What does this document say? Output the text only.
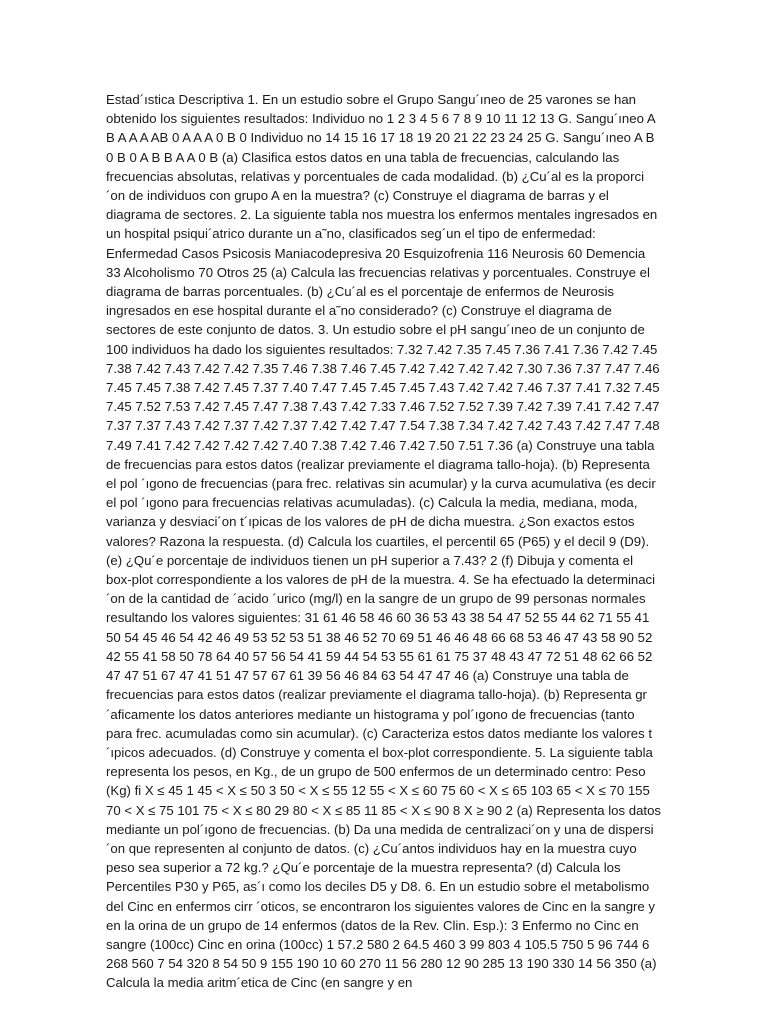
Estad´ıstica Descriptiva 1. En un estudio sobre el Grupo Sangu´ıneo de 25 varones se han obtenido los siguientes resultados: Individuo no 1 2 3 4 5 6 7 8 9 10 11 12 13 G. Sangu´ıneo A B A A A AB 0 A A A 0 B 0 Individuo no 14 15 16 17 18 19 20 21 22 23 24 25 G. Sangu´ıneo A B 0 B 0 A B B A A 0 B (a) Clasifica estos datos en una tabla de frecuencias, calculando las frecuencias absolutas, relativas y porcentuales de cada modalidad. (b) ¿Cu´al es la proporci´on de individuos con grupo A en la muestra? (c) Construye el diagrama de barras y el diagrama de sectores. 2. La siguiente tabla nos muestra los enfermos mentales ingresados en un hospital psiqui´atrico durante un a˜no, clasificados seg´un el tipo de enfermedad: Enfermedad Casos Psicosis Maniacodepresiva 20 Esquizofrenia 116 Neurosis 60 Demencia 33 Alcoholismo 70 Otros 25 (a) Calcula las frecuencias relativas y porcentuales. Construye el diagrama de barras porcentuales. (b) ¿Cu´al es el porcentaje de enfermos de Neurosis ingresados en ese hospital durante el a˜no considerado? (c) Construye el diagrama de sectores de este conjunto de datos. 3. Un estudio sobre el pH sangu´ıneo de un conjunto de 100 individuos ha dado los siguientes resultados: 7.32 7.42 7.35 7.45 7.36 7.41 7.36 7.42 7.45 7.38 7.42 7.43 7.42 7.42 7.35 7.46 7.38 7.46 7.45 7.42 7.42 7.42 7.42 7.30 7.36 7.37 7.47 7.46 7.45 7.45 7.38 7.42 7.45 7.37 7.40 7.47 7.45 7.45 7.45 7.43 7.42 7.42 7.46 7.37 7.41 7.32 7.45 7.45 7.52 7.53 7.42 7.45 7.47 7.38 7.43 7.42 7.33 7.46 7.52 7.52 7.39 7.42 7.39 7.41 7.42 7.47 7.37 7.37 7.43 7.42 7.37 7.42 7.37 7.42 7.42 7.47 7.54 7.38 7.34 7.42 7.42 7.43 7.42 7.47 7.48 7.49 7.41 7.42 7.42 7.42 7.42 7.40 7.38 7.42 7.46 7.42 7.50 7.51 7.36 (a) Construye una tabla de frecuencias para estos datos (realizar previamente el diagrama tallo-hoja). (b) Representa el pol ´ıgono de frecuencias (para frec. relativas sin acumular) y la curva acumulativa (es decir el pol ´ıgono para frecuencias relativas acumuladas). (c) Calcula la media, mediana, moda, varianza y desviaci´on t´ıpicas de los valores de pH de dicha muestra. ¿Son exactos estos valores? Razona la respuesta. (d) Calcula los cuartiles, el percentil 65 (P65) y el decil 9 (D9). (e) ¿Qu´e porcentaje de individuos tienen un pH superior a 7.43? 2 (f) Dibuja y comenta el box-plot correspondiente a los valores de pH de la muestra. 4. Se ha efectuado la determinaci´on de la cantidad de ´acido ´urico (mg/l) en la sangre de un grupo de 99 personas normales resultando los valores siguientes: 31 61 46 58 46 60 36 53 43 38 54 47 52 55 44 62 71 55 41 50 54 45 46 54 42 46 49 53 52 53 51 38 46 52 70 69 51 46 46 48 66 68 53 46 47 43 58 90 52 42 55 41 58 50 78 64 40 57 56 54 41 59 44 54 53 55 61 61 75 37 48 43 47 72 51 48 62 66 52 47 47 51 67 47 41 51 47 57 67 61 39 56 46 84 63 54 47 47 46 (a) Construye una tabla de frecuencias para estos datos (realizar previamente el diagrama tallo-hoja). (b) Representa gr´aficamente los datos anteriores mediante un histograma y pol´ıgono de frecuencias (tanto para frec. acumuladas como sin acumular). (c) Caracteriza estos datos mediante los valores t´ıpicos adecuados. (d) Construye y comenta el box-plot correspondiente. 5. La siguiente tabla representa los pesos, en Kg., de un grupo de 500 enfermos de un determinado centro: Peso (Kg) fi X ≤ 45 1 45 < X ≤ 50 3 50 < X ≤ 55 12 55 < X ≤ 60 75 60 < X ≤ 65 103 65 < X ≤ 70 155 70 < X ≤ 75 101 75 < X ≤ 80 29 80 < X ≤ 85 11 85 < X ≤ 90 8 X ≥ 90 2 (a) Representa los datos mediante un pol´ıgono de frecuencias. (b) Da una medida de centralizaci´on y una de dispersi´on que representen al conjunto de datos. (c) ¿Cu´antos individuos hay en la muestra cuyo peso sea superior a 72 kg.? ¿Qu´e porcentaje de la muestra representa? (d) Calcula los Percentiles P30 y P65, as´ı como los deciles D5 y D8. 6. En un estudio sobre el metabolismo del Cinc en enfermos cirr ´oticos, se encontraron los siguientes valores de Cinc en la sangre y en la orina de un grupo de 14 enfermos (datos de la Rev. Clin. Esp.): 3 Enfermo no Cinc en sangre (100cc) Cinc en orina (100cc) 1 57.2 580 2 64.5 460 3 99 803 4 105.5 750 5 96 744 6 268 560 7 54 320 8 54 50 9 155 190 10 60 270 11 56 280 12 90 285 13 190 330 14 56 350 (a) Calcula la media aritm´etica de Cinc (en sangre y en
